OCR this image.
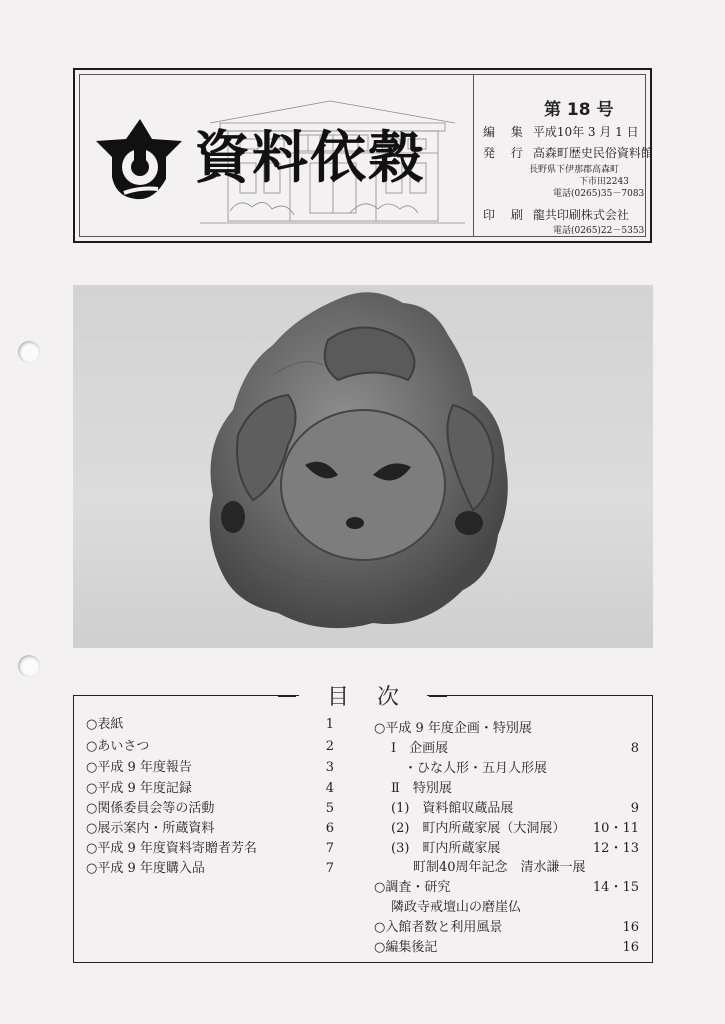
資料依穀
第 18 号
編 集 平成10年 3 月 1 日
発 行 高森町歴史民俗資料館
長野県下伊那郡高森町
下市田2243
電話(0265)35－7083
印 刷 龍共印刷株式会社
電話(0265)22－5353
目次
○表紙	1
○あいさつ	2
○平成 9 年度報告	3
○平成 9 年度記録	4
○関係委員会等の活動	5
○展示案内・所蔵資料	6
○平成 9 年度資料寄贈者芳名	7
○平成 9 年度購入品	7
○平成 9 年度企画・特別展
Ⅰ　企画展	8
・ひな人形・五月人形展
Ⅱ　特別展
(1)　資料館収蔵品展	9
(2)　町内所蔵家展（大洞展） 10・11
(3)　町内所蔵家展	12・13
町制40周年記念　清水謙一展
○調査・研究	14・15
隣政寺戒壇山の磨崖仏
○入館者数と利用風景	16
○編集後記	16
